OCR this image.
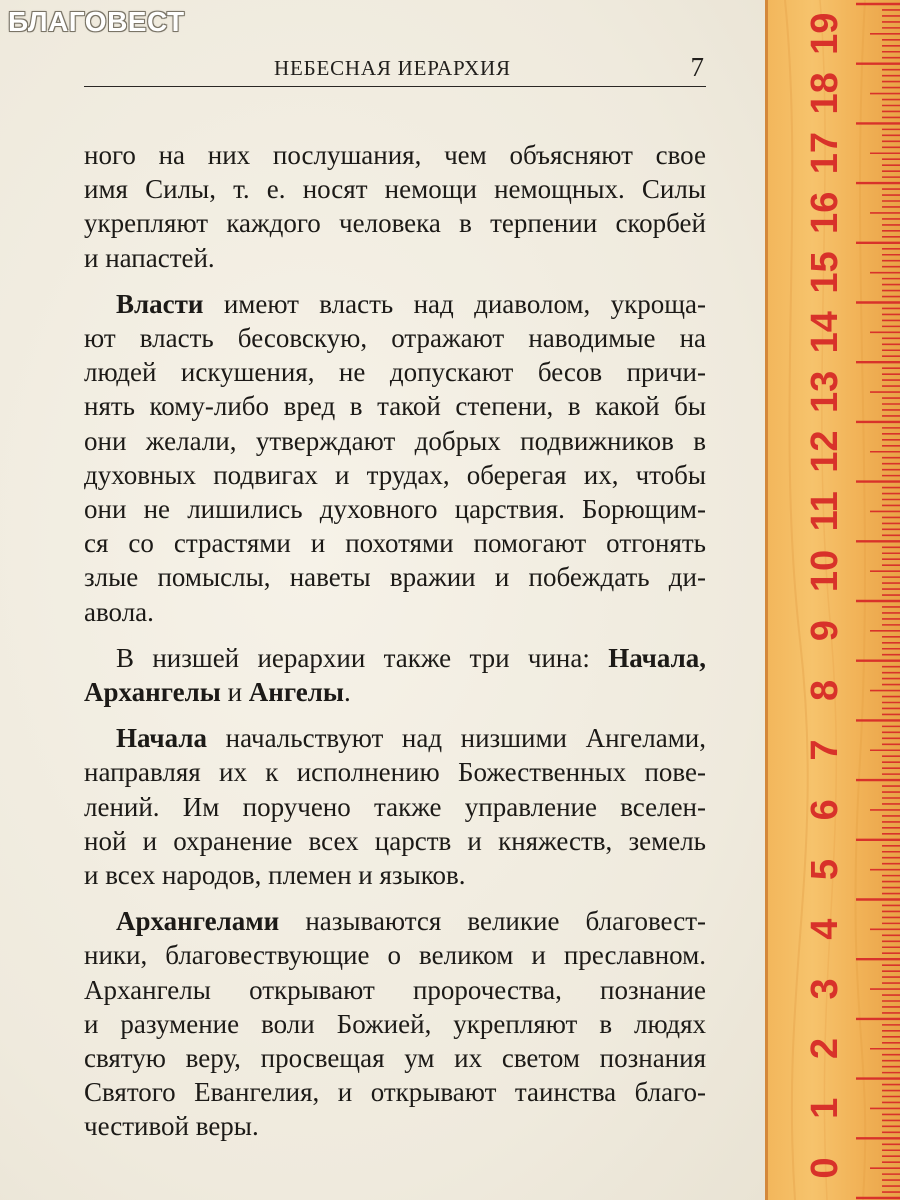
БЛАГОВЕСТ
НЕБЕСНАЯ ИЕРАРХИЯ	7
ного на них послушания, чем объясняют свое
имя Силы, т. е. носят немощи немощных. Силы
укрепляют каждого человека в терпении скорбей
и напастей.
Власти имеют власть над диаволом, укроща-
ют власть бесовскую, отражают наводимые на
людей искушения, не допускают бесов причи-
нять кому-либо вред в такой степени, в какой бы
они желали, утверждают добрых подвижников в
духовных подвигах и трудах, оберегая их, чтобы
они не лишились духовного царствия. Борющим-
ся со страстями и похотями помогают отгонять
злые помыслы, наветы вражии и побеждать ди-
авола.
В низшей иерархии также три чина: Начала,
Архангелы и Ангелы.
Начала начальствуют над низшими Ангелами,
направляя их к исполнению Божественных пове-
лений. Им поручено также управление вселен-
ной и охранение всех царств и княжеств, земель
и всех народов, племен и языков.
Архангелами называются великие благовест-
ники, благовествующие о великом и преславном.
Архангелы открывают пророчества, познание
и разумение воли Божией, укрепляют в людях
святую веру, просвещая ум их светом познания
Святого Евангелия, и открывают таинства благо-
честивой веры.
0
1
2
3
4
5
6
7
8
9
10
11
12
13
14
15
16
17
18
19
